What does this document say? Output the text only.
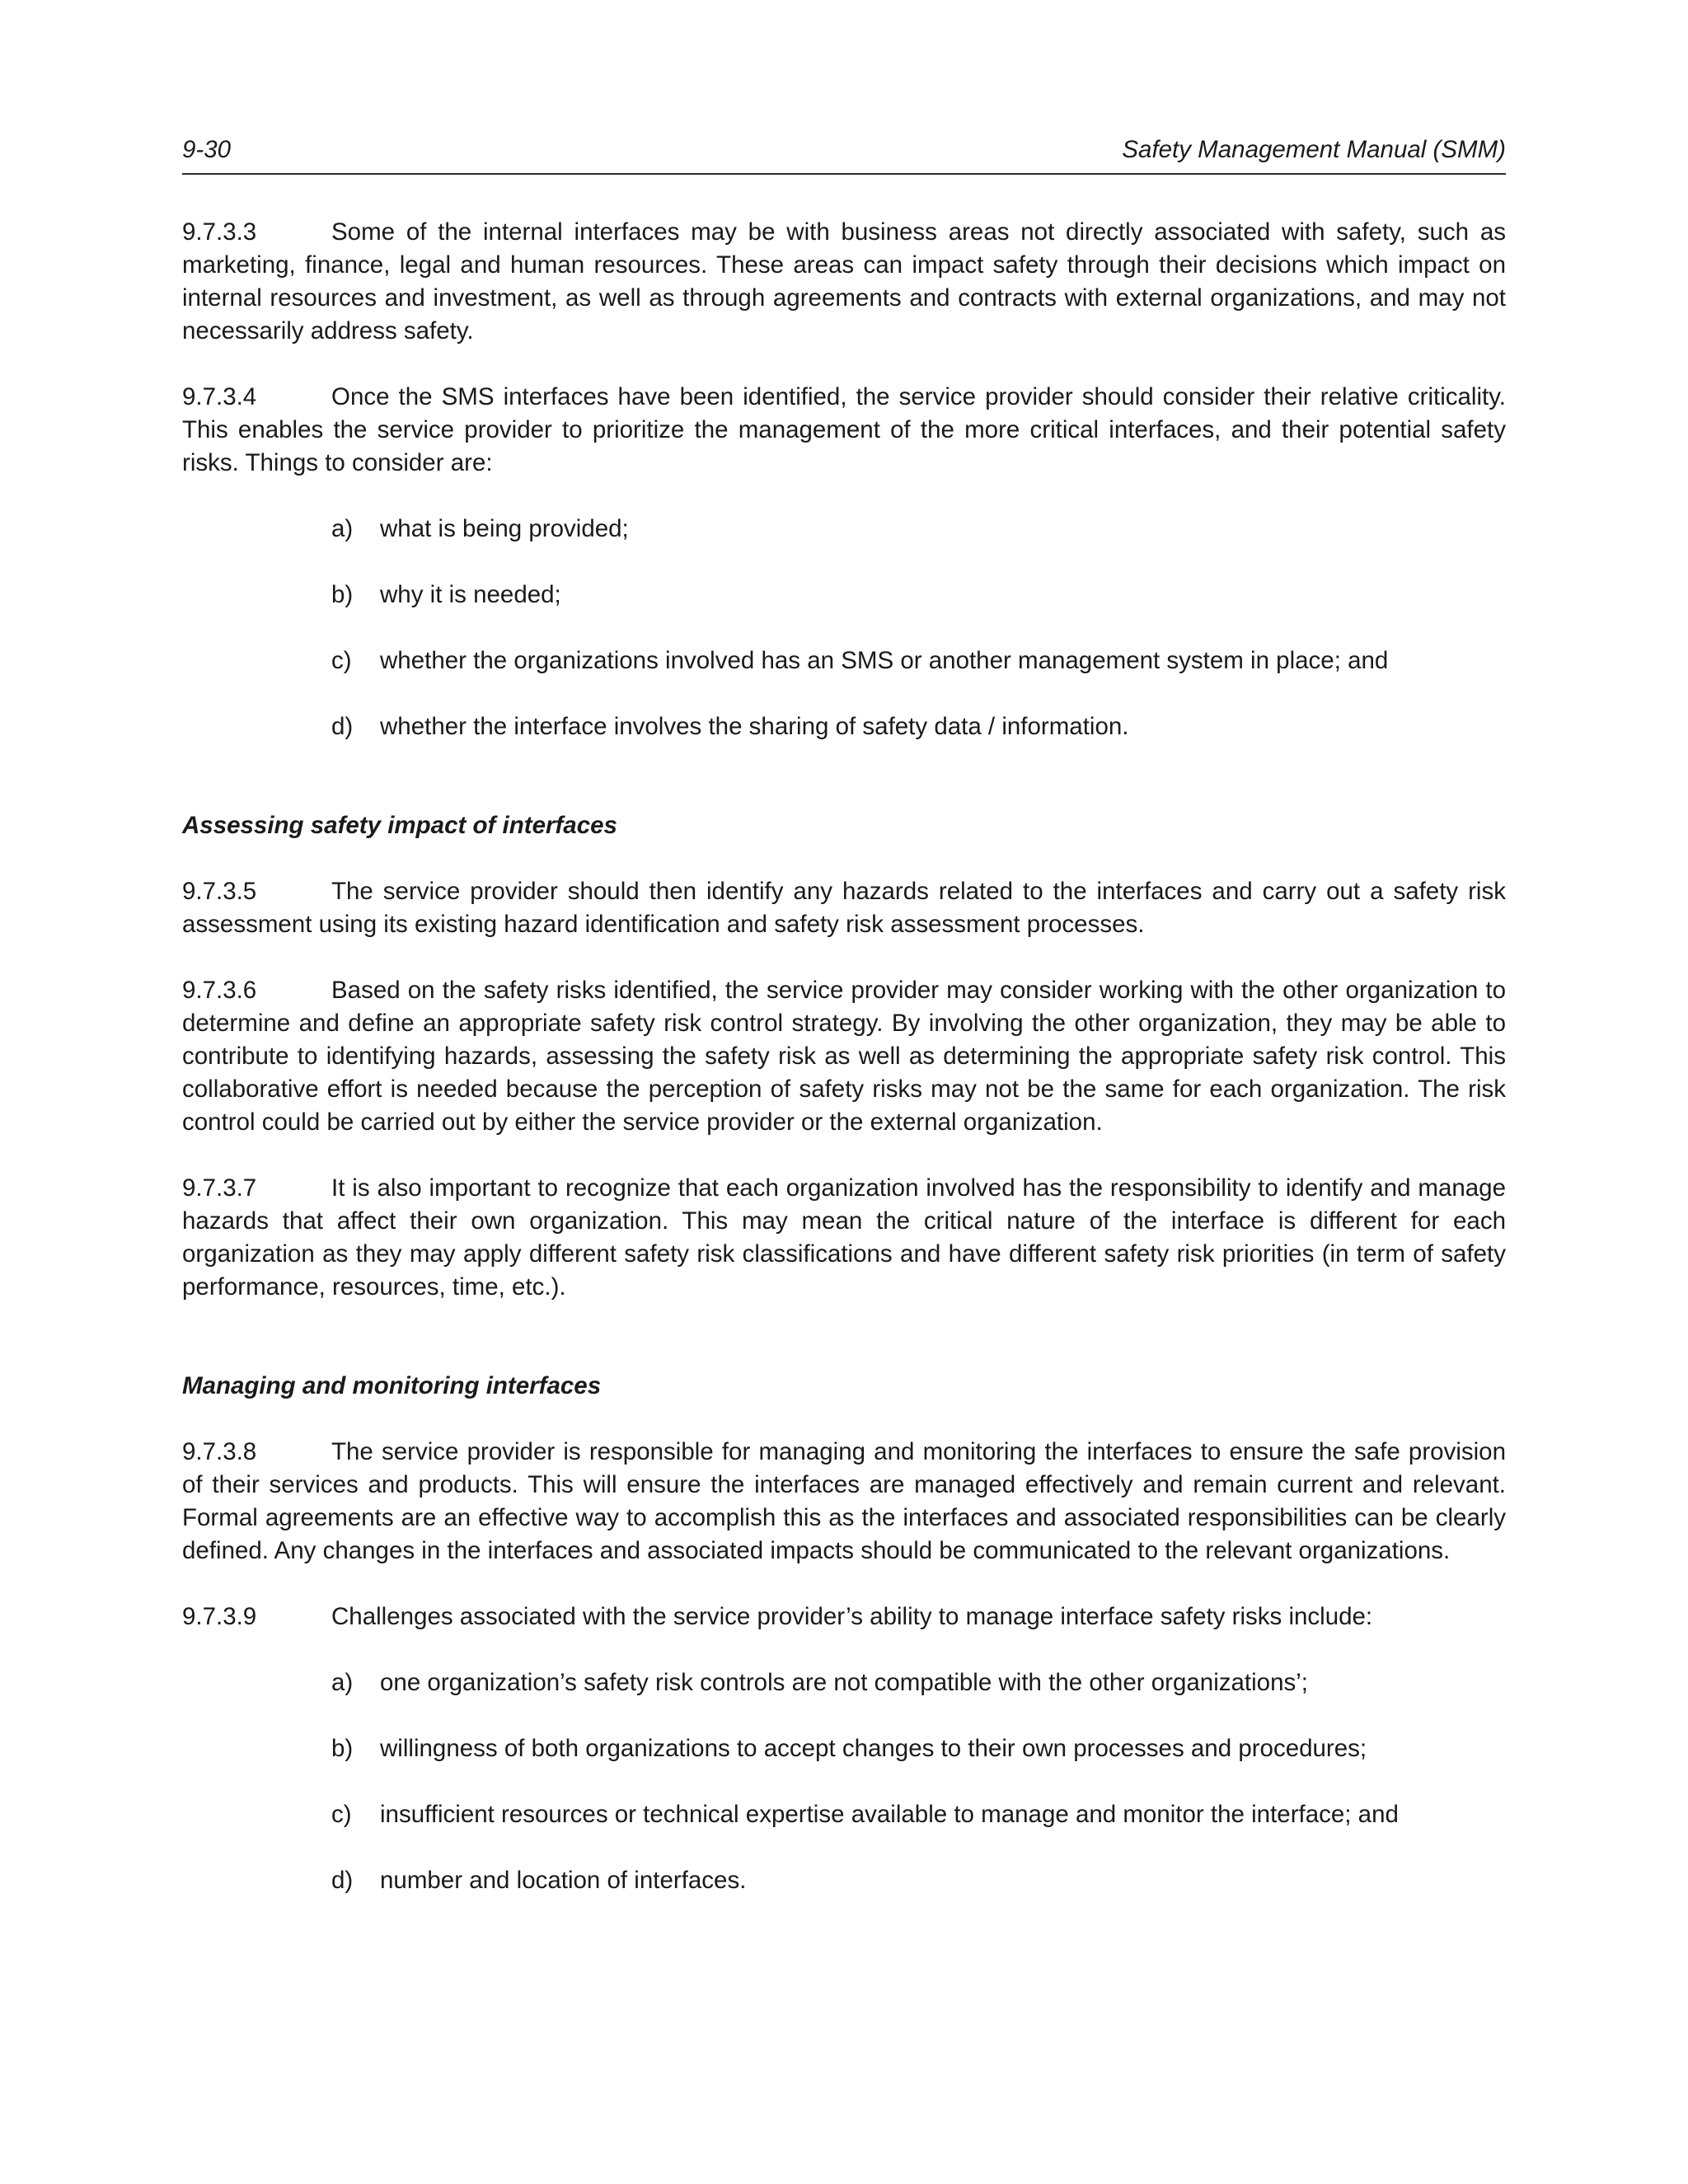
9-30	Safety Management Manual (SMM)

9.7.3.3	Some of the internal interfaces may be with business areas not directly associated with safety, such as marketing, finance, legal and human resources. These areas can impact safety through their decisions which impact on internal resources and investment, as well as through agreements and contracts with external organizations, and may not necessarily address safety.

9.7.3.4	Once the SMS interfaces have been identified, the service provider should consider their relative criticality. This enables the service provider to prioritize the management of the more critical interfaces, and their potential safety risks. Things to consider are:

a) what is being provided;
b) why it is needed;
c) whether the organizations involved has an SMS or another management system in place; and
d) whether the interface involves the sharing of safety data / information.
Assessing safety impact of interfaces

9.7.3.5	The service provider should then identify any hazards related to the interfaces and carry out a safety risk assessment using its existing hazard identification and safety risk assessment processes.

9.7.3.6	Based on the safety risks identified, the service provider may consider working with the other organization to determine and define an appropriate safety risk control strategy. By involving the other organization, they may be able to contribute to identifying hazards, assessing the safety risk as well as determining the appropriate safety risk control. This collaborative effort is needed because the perception of safety risks may not be the same for each organization. The risk control could be carried out by either the service provider or the external organization.

9.7.3.7	It is also important to recognize that each organization involved has the responsibility to identify and manage hazards that affect their own organization. This may mean the critical nature of the interface is different for each organization as they may apply different safety risk classifications and have different safety risk priorities (in term of safety performance, resources, time, etc.).

Managing and monitoring interfaces

9.7.3.8	The service provider is responsible for managing and monitoring the interfaces to ensure the safe provision of their services and products. This will ensure the interfaces are managed effectively and remain current and relevant. Formal agreements are an effective way to accomplish this as the interfaces and associated responsibilities can be clearly defined. Any changes in the interfaces and associated impacts should be communicated to the relevant organizations.

9.7.3.9	Challenges associated with the service provider’s ability to manage interface safety risks include:

a) one organization’s safety risk controls are not compatible with the other organizations’;
b) willingness of both organizations to accept changes to their own processes and procedures;
c) insufficient resources or technical expertise available to manage and monitor the interface; and
d) number and location of interfaces.
